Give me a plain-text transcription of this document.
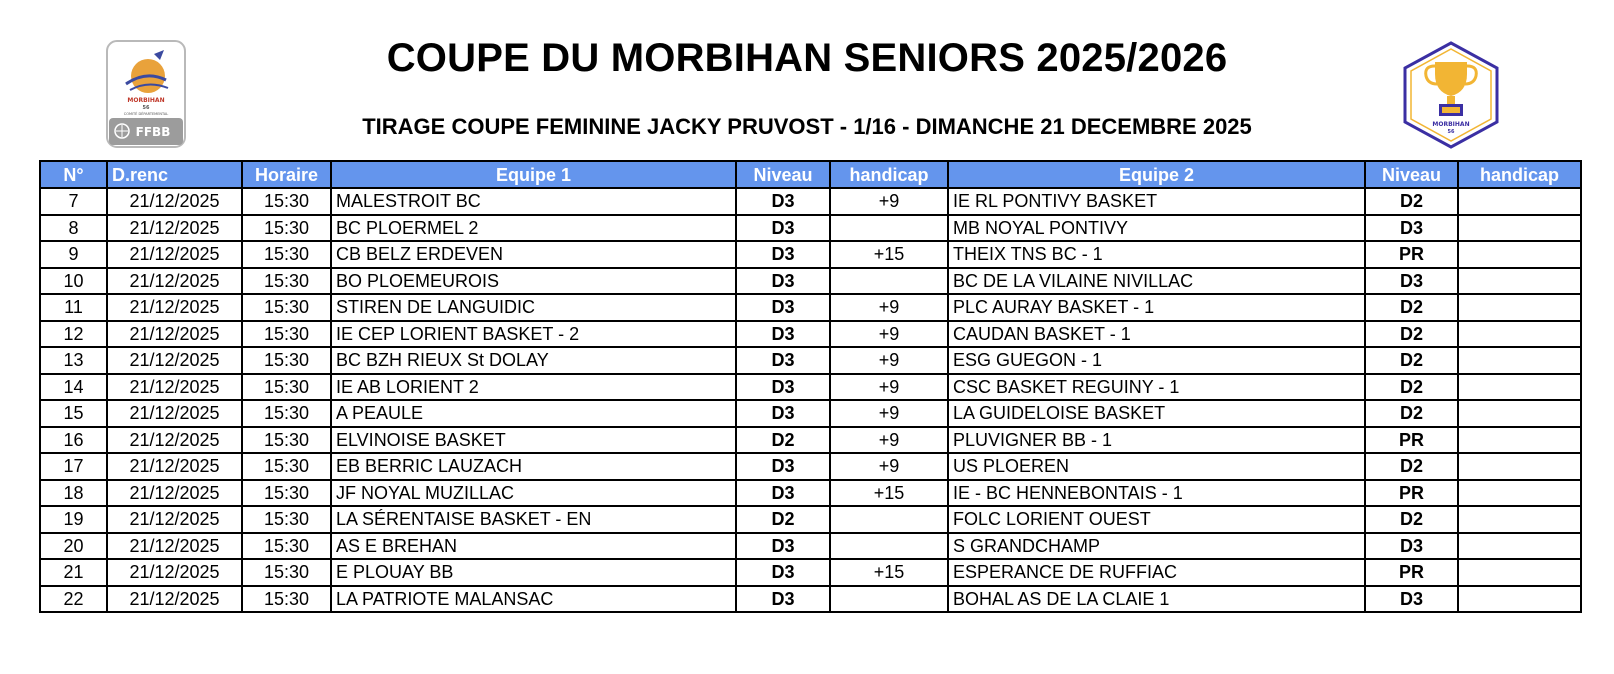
MORBIHAN
56
COMITÉ DÉPARTEMENTAL
FFBB
MORBIHAN
56
COUPE DU MORBIHAN SENIORS 2025/2026
TIRAGE COUPE FEMININE JACKY PRUVOST - 1/16 - DIMANCHE 21 DECEMBRE 2025
N°	D.renc	Horaire	Equipe 1	Niveau	handicap	Equipe 2	Niveau	handicap
7	21/12/2025	15:30	MALESTROIT BC	D3	+9	IE RL PONTIVY BASKET	D2	
8	21/12/2025	15:30	BC PLOERMEL 2	D3		MB NOYAL PONTIVY	D3	
9	21/12/2025	15:30	CB BELZ ERDEVEN	D3	+15	THEIX TNS BC - 1	PR	
10	21/12/2025	15:30	BO PLOEMEUROIS	D3		BC DE LA VILAINE NIVILLAC	D3	
11	21/12/2025	15:30	STIREN DE LANGUIDIC	D3	+9	PLC AURAY BASKET - 1	D2	
12	21/12/2025	15:30	IE CEP LORIENT BASKET - 2	D3	+9	CAUDAN BASKET - 1	D2	
13	21/12/2025	15:30	BC BZH RIEUX St DOLAY	D3	+9	ESG GUEGON - 1	D2	
14	21/12/2025	15:30	IE AB LORIENT 2	D3	+9	CSC BASKET REGUINY - 1	D2	
15	21/12/2025	15:30	A PEAULE	D3	+9	LA GUIDELOISE BASKET	D2	
16	21/12/2025	15:30	ELVINOISE BASKET	D2	+9	PLUVIGNER BB - 1	PR	
17	21/12/2025	15:30	EB BERRIC LAUZACH	D3	+9	US PLOEREN	D2	
18	21/12/2025	15:30	JF NOYAL MUZILLAC	D3	+15	IE - BC HENNEBONTAIS - 1	PR	
19	21/12/2025	15:30	LA SÉRENTAISE BASKET - EN	D2		FOLC LORIENT OUEST	D2	
20	21/12/2025	15:30	AS E BREHAN	D3		S GRANDCHAMP	D3	
21	21/12/2025	15:30	E PLOUAY BB	D3	+15	ESPERANCE DE RUFFIAC	PR	
22	21/12/2025	15:30	LA PATRIOTE MALANSAC	D3		BOHAL AS DE LA CLAIE 1	D3	
